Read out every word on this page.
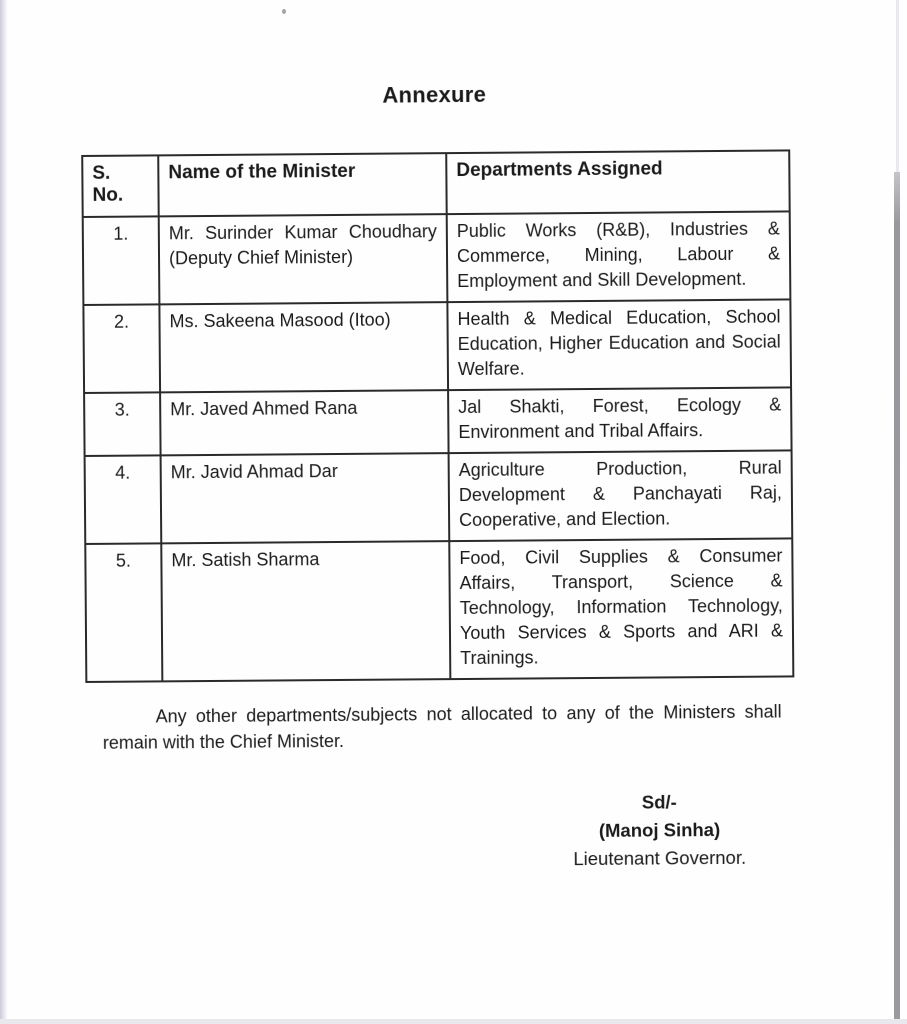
Annexure
S.
No.	Name of the Minister	Departments Assigned
1.	Mr. Surinder Kumar Choudhary (Deputy Chief Minister)	Public Works (R&B), Industries & Commerce, Mining, Labour & Employment and Skill Development.
2.	Ms. Sakeena Masood (Itoo)	Health & Medical Education, School Education, Higher Education and Social Welfare.
3.	Mr. Javed Ahmed Rana	Jal Shakti, Forest, Ecology & Environment and Tribal Affairs.
4.	Mr. Javid Ahmad Dar	Agriculture Production, Rural Development & Panchayati Raj, Cooperative, and Election.
5.	Mr. Satish Sharma	Food, Civil Supplies & Consumer Affairs, Transport, Science & Technology, Information Technology, Youth Services & Sports and ARI & Trainings.

Any other departments/subjects not allocated to any of the Ministers shall remain with the Chief Minister.

Sd/-
(Manoj Sinha)
Lieutenant Governor.
